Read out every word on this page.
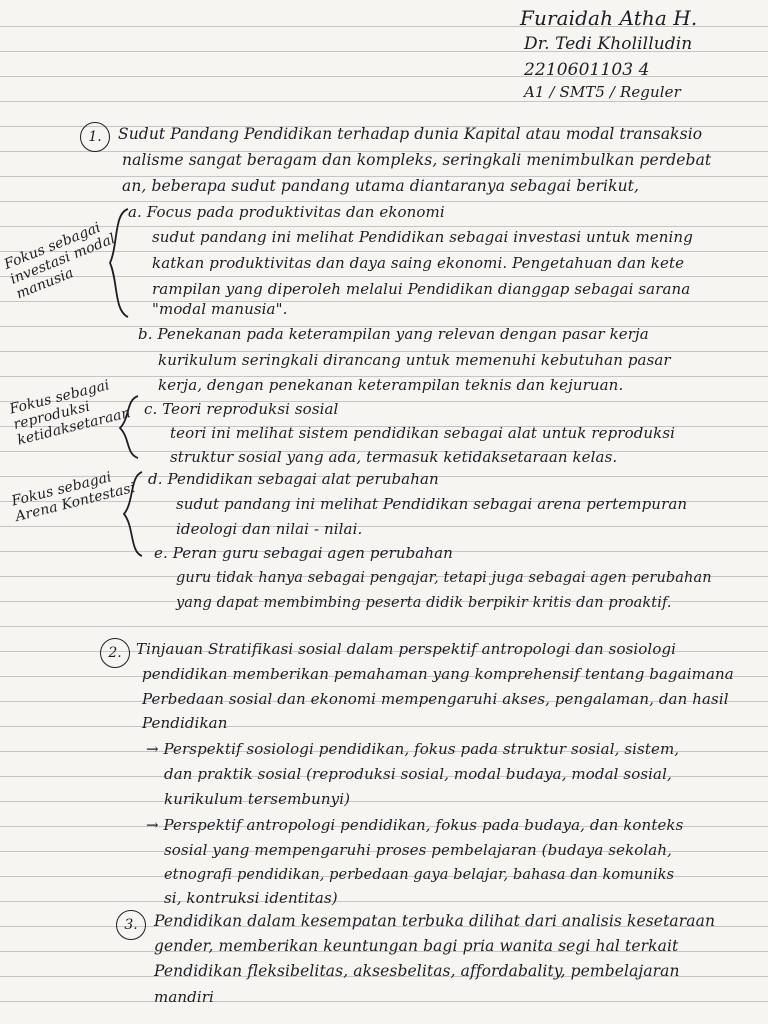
Furaidah Atha H.
Dr. Tedi Kholilludin
2210601103 4
A1 / SMT5 / Reguler
1.	Sudut Pandang Pendidikan terhadap dunia Kapital atau modal transaksio
nalisme sangat beragam dan kompleks, seringkali menimbulkan perdebat
an, beberapa sudut pandang utama diantaranya sebagai berikut,
a. Focus pada produktivitas dan ekonomi
sudut pandang ini melihat Pendidikan sebagai investasi untuk mening
katkan produktivitas dan daya saing ekonomi. Pengetahuan dan kete
rampilan yang diperoleh melalui Pendidikan dianggap sebagai sarana
"modal manusia".
b. Penekanan pada keterampilan yang relevan dengan pasar kerja
kurikulum seringkali dirancang untuk memenuhi kebutuhan pasar
kerja, dengan penekanan keterampilan teknis dan kejuruan.
c. Teori reproduksi sosial
teori ini melihat sistem pendidikan sebagai alat untuk reproduksi
struktur sosial yang ada, termasuk ketidaksetaraan kelas.
d. Pendidikan sebagai alat perubahan
sudut pandang ini melihat Pendidikan sebagai arena pertempuran
ideologi dan nilai - nilai.
e. Peran guru sebagai agen perubahan
guru tidak hanya sebagai pengajar, tetapi juga sebagai agen perubahan
yang dapat membimbing peserta didik berpikir kritis dan proaktif.
Fokus sebagai investasi modal manusia
Fokus sebagai reproduksi ketidaksetaraan
Fokus sebagai Arena Kontestasi
2. Tinjauan Stratifikasi sosial dalam perspektif antropologi dan sosiologi
pendidikan memberikan pemahaman yang komprehensif tentang bagaimana
Perbedaan sosial dan ekonomi mempengaruhi akses, pengalaman, dan hasil
Pendidikan
→ Perspektif sosiologi pendidikan, fokus pada struktur sosial, sistem,
dan praktik sosial (reproduksi sosial, modal budaya, modal sosial,
kurikulum tersembunyi)
→ Perspektif antropologi pendidikan, fokus pada budaya, dan konteks
sosial yang mempengaruhi proses pembelajaran (budaya sekolah,
etnografi pendidikan, perbedaan gaya belajar, bahasa dan komuniks
si, kontruksi identitas)
3.	Pendidikan dalam kesempatan terbuka dilihat dari analisis kesetaraan
gender, memberikan keuntungan bagi pria wanita segi hal terkait
Pendidikan fleksibelitas, aksesbelitas, affordabality, pembelajaran
mandiri
